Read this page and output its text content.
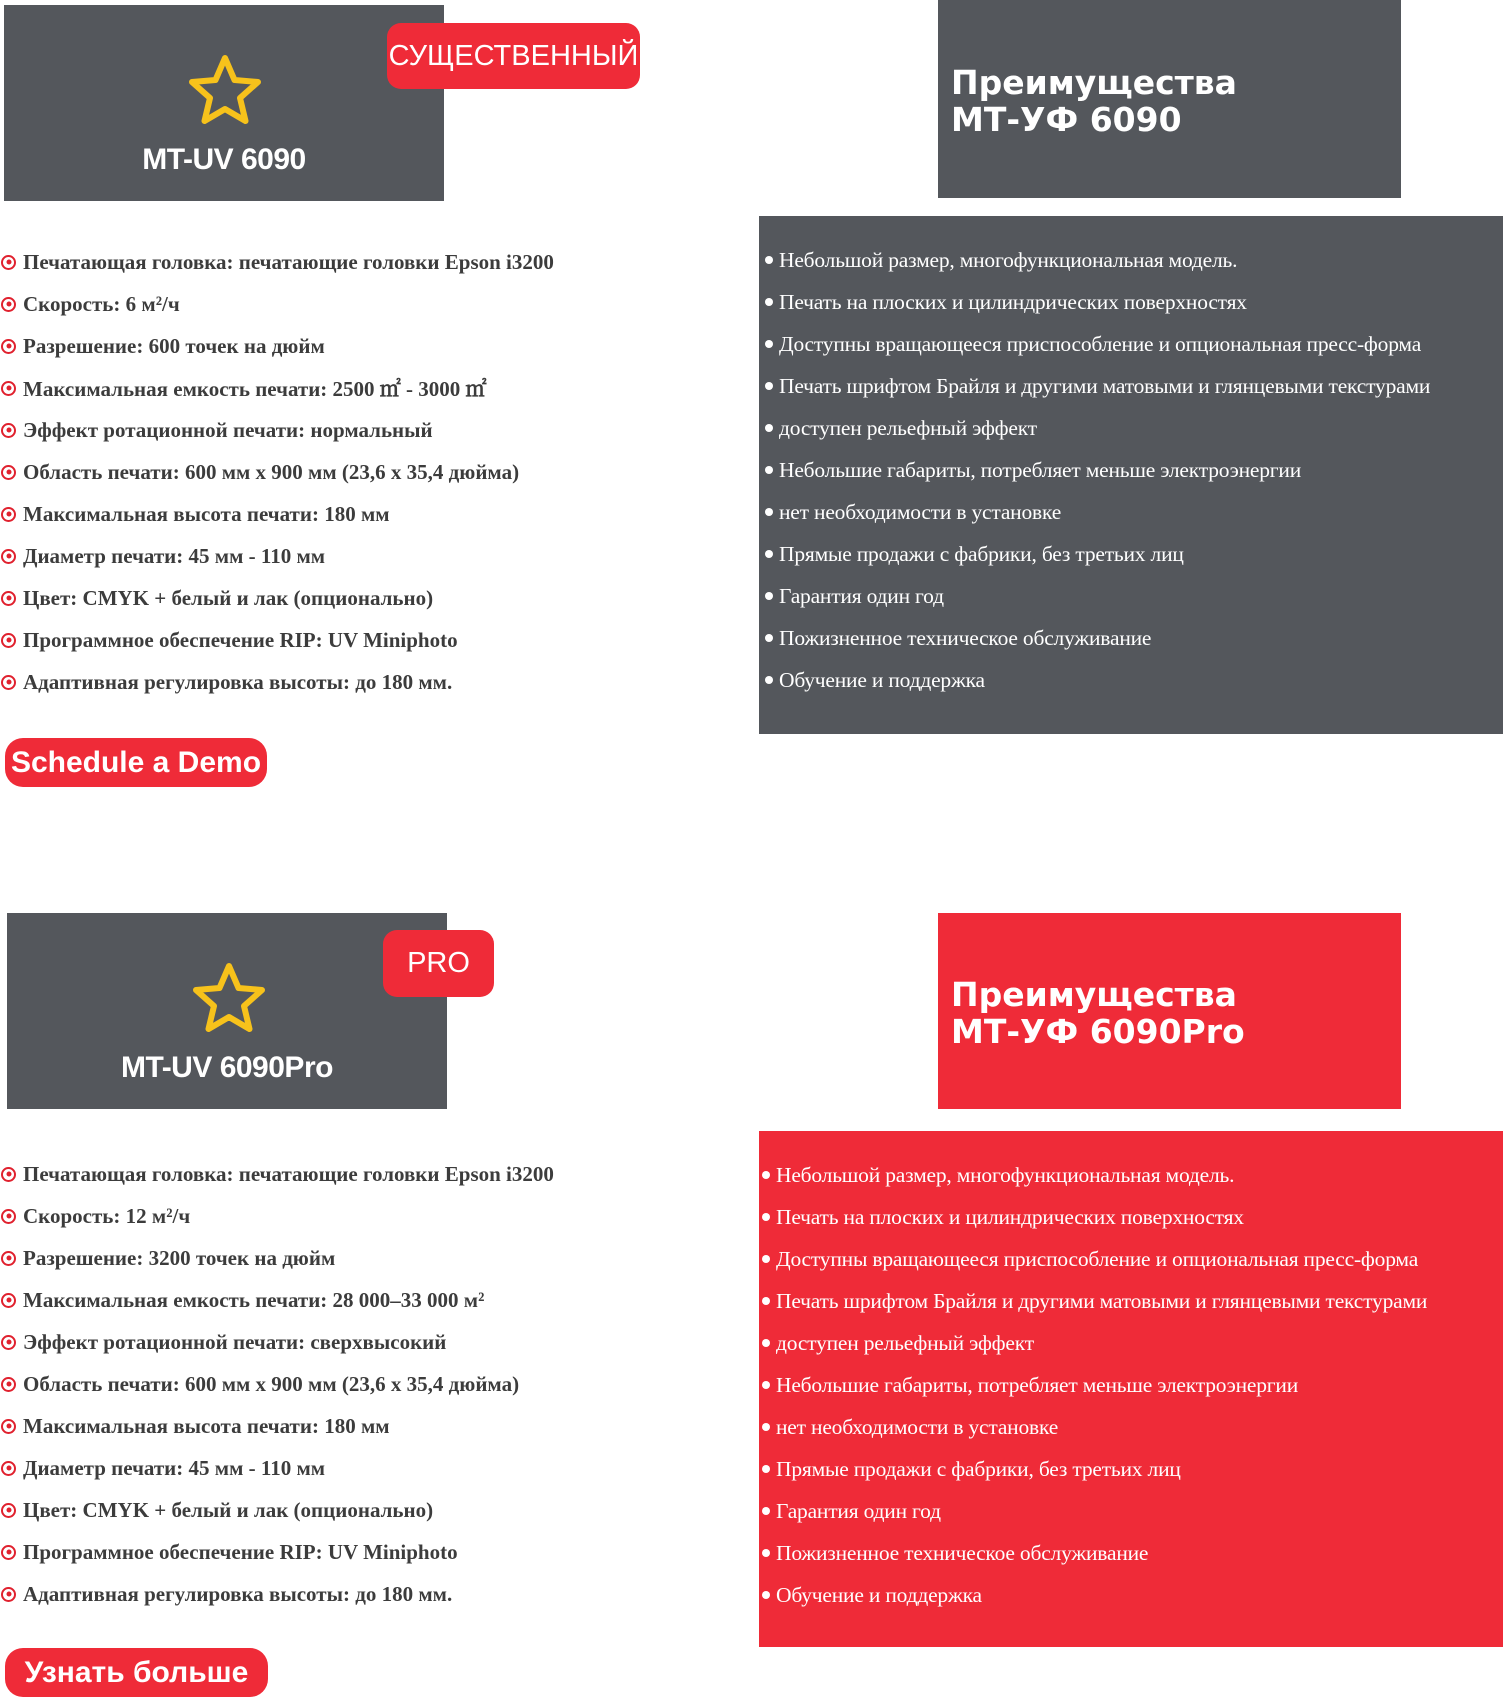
MT-UV 6090
СУЩЕСТВЕННЫЙ
Преимущества
МТ-УФ 6090
Печатающая головка: печатающие головки Epson i3200
Скорость: 6 м²/ч
Разрешение: 600 точек на дюйм
Максимальная емкость печати: 2500 ㎡ - 3000 ㎡
Эффект ротационной печати: нормальный
Область печати: 600 мм x 900 мм (23,6 x 35,4 дюйма)
Максимальная высота печати: 180 мм
Диаметр печати: 45 мм - 110 мм
Цвет: CMYK + белый и лак (опционально)
Программное обеспечение RIP: UV Miniphoto
Адаптивная регулировка высоты: до 180 мм.
Небольшой размер, многофункциональная модель.
Печать на плоских и цилиндрических поверхностях
Доступны вращающееся приспособление и опциональная пресс-форма
Печать шрифтом Брайля и другими матовыми и глянцевыми текстурами
доступен рельефный эффект
Небольшие габариты, потребляет меньше электроэнергии
нет необходимости в установке
Прямые продажи с фабрики, без третьих лиц
Гарантия один год
Пожизненное техническое обслуживание
Обучение и поддержка
Schedule a Demo
MT-UV 6090Pro
PRO
Преимущества
МТ-УФ 6090Pro
Печатающая головка: печатающие головки Epson i3200
Скорость: 12 м²/ч
Разрешение: 3200 точек на дюйм
Максимальная емкость печати: 28 000–33 000 м²
Эффект ротационной печати: сверхвысокий
Область печати: 600 мм x 900 мм (23,6 x 35,4 дюйма)
Максимальная высота печати: 180 мм
Диаметр печати: 45 мм - 110 мм
Цвет: CMYK + белый и лак (опционально)
Программное обеспечение RIP: UV Miniphoto
Адаптивная регулировка высоты: до 180 мм.
Небольшой размер, многофункциональная модель.
Печать на плоских и цилиндрических поверхностях
Доступны вращающееся приспособление и опциональная пресс-форма
Печать шрифтом Брайля и другими матовыми и глянцевыми текстурами
доступен рельефный эффект
Небольшие габариты, потребляет меньше электроэнергии
нет необходимости в установке
Прямые продажи с фабрики, без третьих лиц
Гарантия один год
Пожизненное техническое обслуживание
Обучение и поддержка
Узнать больше
